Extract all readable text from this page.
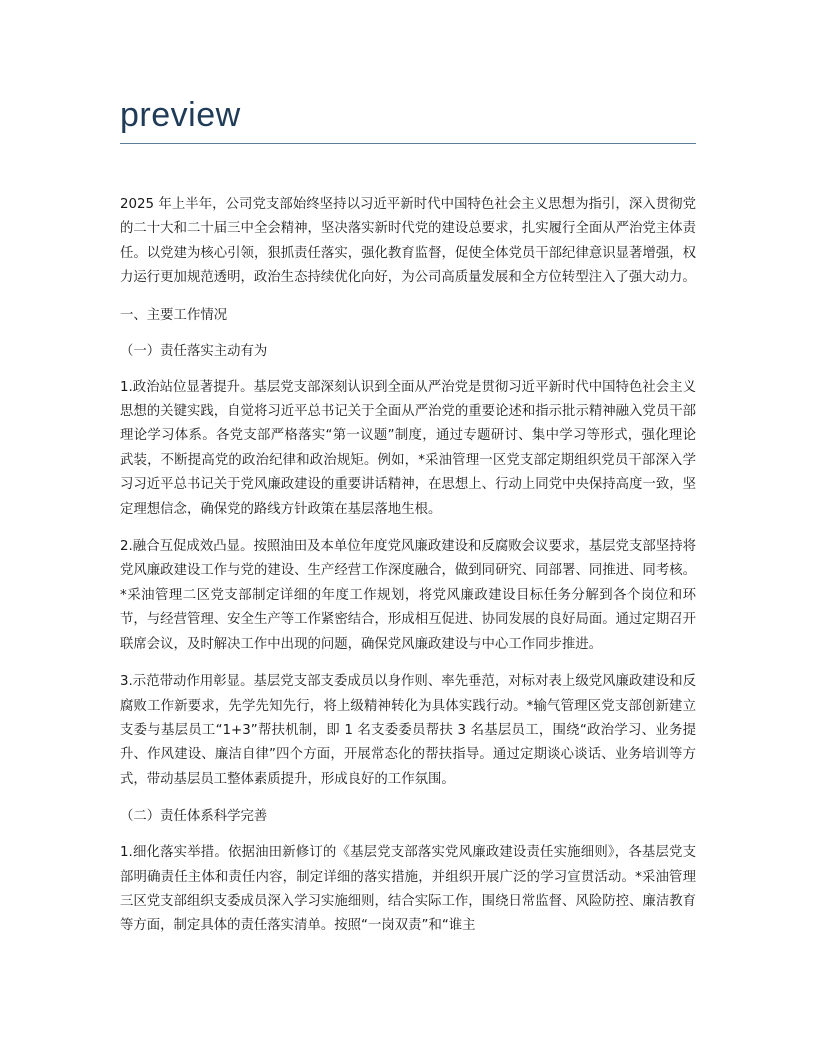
preview

2025 年上半年，公司党支部始终坚持以习近平新时代中国特色社会主义思想为指引，深入贯彻党的二十大和二十届三中全会精神，坚决落实新时代党的建设总要求，扎实履行全面从严治党主体责任。以党建为核心引领，狠抓责任落实，强化教育监督，促使全体党员干部纪律意识显著增强，权力运行更加规范透明，政治生态持续优化向好，为公司高质量发展和全方位转型注入了强大动力。

一、主要工作情况

（一）责任落实主动有为

1.政治站位显著提升。基层党支部深刻认识到全面从严治党是贯彻习近平新时代中国特色社会主义思想的关键实践，自觉将习近平总书记关于全面从严治党的重要论述和指示批示精神融入党员干部理论学习体系。各党支部严格落实“第一议题”制度，通过专题研讨、集中学习等形式，强化理论武装，不断提高党的政治纪律和政治规矩。例如，*采油管理一区党支部定期组织党员干部深入学习习近平总书记关于党风廉政建设的重要讲话精神，在思想上、行动上同党中央保持高度一致，坚定理想信念，确保党的路线方针政策在基层落地生根。

2.融合互促成效凸显。按照油田及本单位年度党风廉政建设和反腐败会议要求，基层党支部坚持将党风廉政建设工作与党的建设、生产经营工作深度融合，做到同研究、同部署、同推进、同考核。*采油管理二区党支部制定详细的年度工作规划，将党风廉政建设目标任务分解到各个岗位和环节，与经营管理、安全生产等工作紧密结合，形成相互促进、协同发展的良好局面。通过定期召开联席会议，及时解决工作中出现的问题，确保党风廉政建设与中心工作同步推进。

3.示范带动作用彰显。基层党支部支委成员以身作则、率先垂范，对标对表上级党风廉政建设和反腐败工作新要求，先学先知先行，将上级精神转化为具体实践行动。*输气管理区党支部创新建立支委与基层员工“1+3”帮扶机制，即 1 名支委委员帮扶 3 名基层员工，围绕“政治学习、业务提升、作风建设、廉洁自律”四个方面，开展常态化的帮扶指导。通过定期谈心谈话、业务培训等方式，带动基层员工整体素质提升，形成良好的工作氛围。

（二）责任体系科学完善

1.细化落实举措。依据油田新修订的《基层党支部落实党风廉政建设责任实施细则》，各基层党支部明确责任主体和责任内容，制定详细的落实措施，并组织开展广泛的学习宣贯活动。*采油管理三区党支部组织支委成员深入学习实施细则，结合实际工作，围绕日常监督、风险防控、廉洁教育等方面，制定具体的责任落实清单。按照“一岗双责”和“谁主
